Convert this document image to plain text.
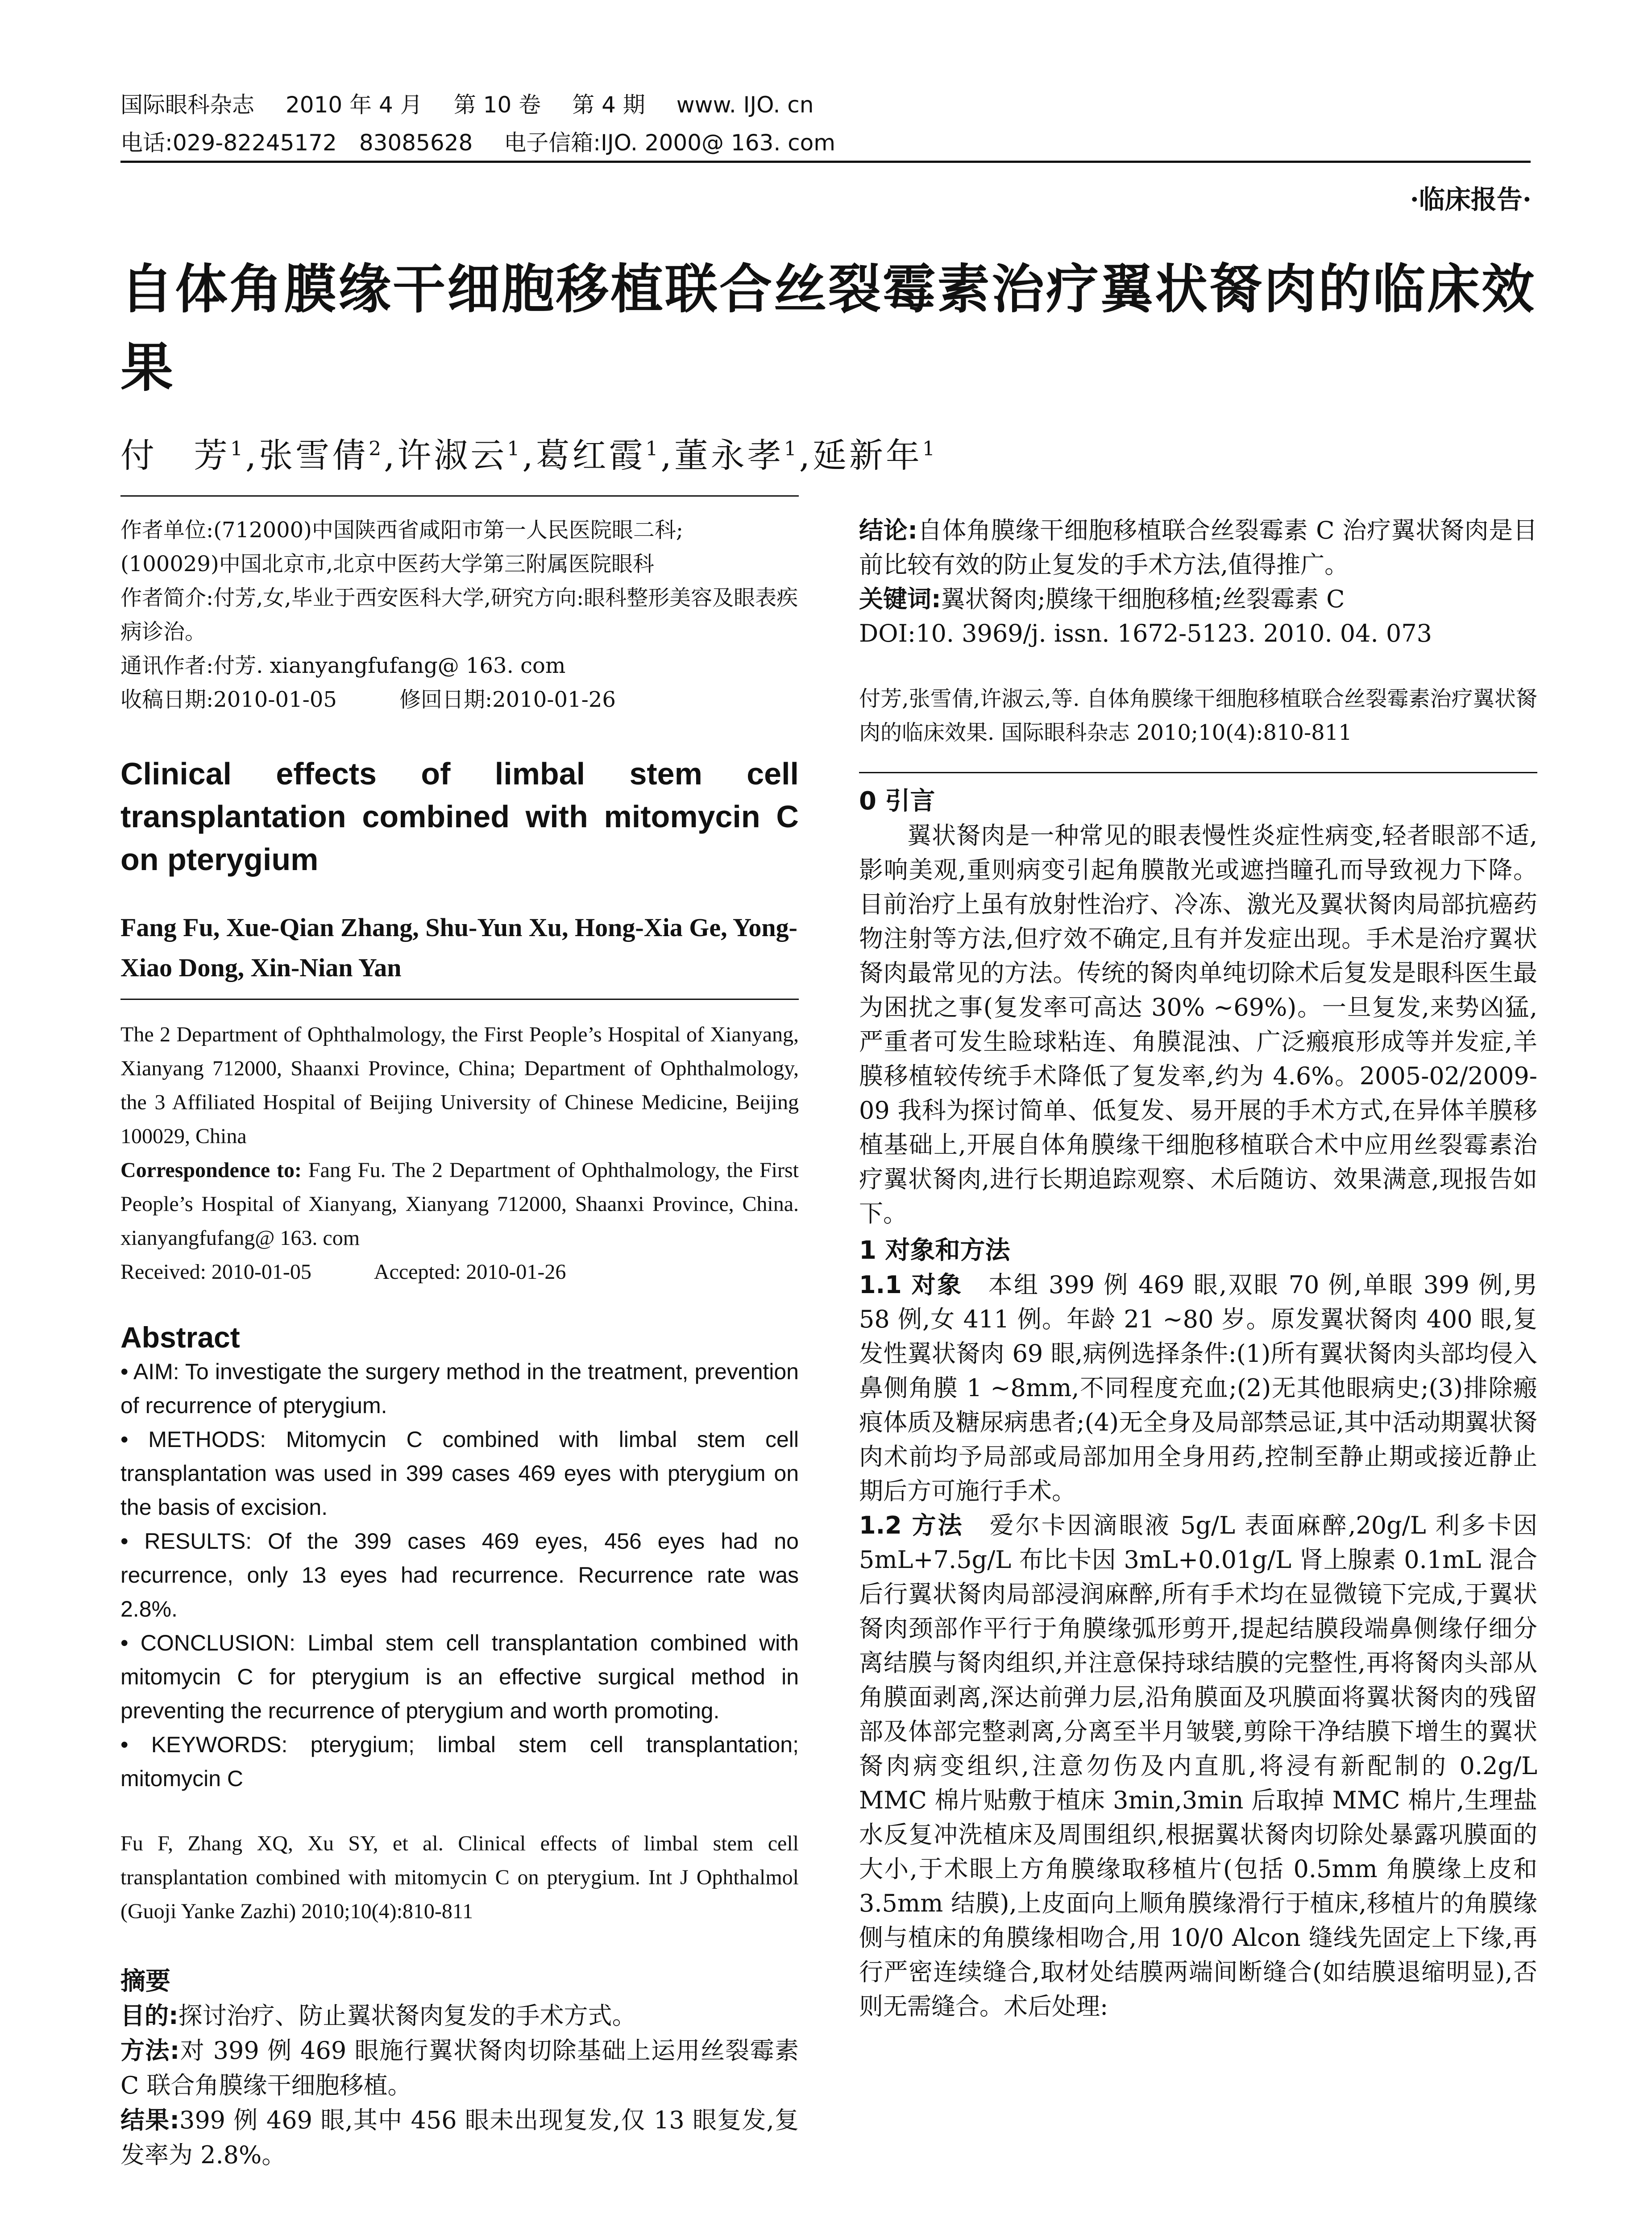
国际眼科杂志 2010 年 4 月 第 10 卷 第 4 期 www. IJO. cn
电话:029-82245172　83085628 电子信箱:IJO. 2000@ 163. com
·临床报告·
自体角膜缘干细胞移植联合丝裂霉素治疗翼状胬肉的临床效果
付　芳$^1$,张雪倩$^2$,许淑云$^1$,葛红霞$^1$,董永孝$^1$,延新年$^1$

作者单位:(712000)中国陕西省咸阳市第一人民医院眼二科;

(100029)中国北京市,北京中医药大学第三附属医院眼科

作者简介:付芳,女,毕业于西安医科大学,研究方向:眼科整形美容及眼表疾病诊治。

通讯作者:付芳. xianyangfufang@ 163. com

收稿日期:2010-01-05	修回日期:2010-01-26

Clinical effects of limbal stem cell transplantation combined with mitomycin C on pterygium
Fang Fu, Xue-Qian Zhang, Shu-Yun Xu, Hong-Xia Ge, Yong-Xiao Dong, Xin-Nian Yan
The 2 Department of Ophthalmology, the First People’s Hospital of Xianyang, Xianyang 712000, Shaanxi Province, China; Department of Ophthalmology, the 3 Affiliated Hospital of Beijing University of Chinese Medicine, Beijing 100029, China

Correspondence to: Fang Fu. The 2 Department of Ophthalmology, the First People’s Hospital of Xianyang, Xianyang 712000, Shaanxi Province, China. xianyangfufang@ 163. com

Received: 2010-01-05	Accepted: 2010-01-26

Abstract

• AIM: To investigate the surgery method in the treatment, prevention of recurrence of pterygium.

• METHODS: Mitomycin C combined with limbal stem cell transplantation was used in 399 cases 469 eyes with pterygium on the basis of excision.

• RESULTS: Of the 399 cases 469 eyes, 456 eyes had no recurrence, only 13 eyes had recurrence. Recurrence rate was 2.8%.

• CONCLUSION: Limbal stem cell transplantation combined with mitomycin C for pterygium is an effective surgical method in preventing the recurrence of pterygium and worth promoting.

• KEYWORDS: pterygium; limbal stem cell transplantation; mitomycin C

Fu F, Zhang XQ, Xu SY, et al. Clinical effects of limbal stem cell transplantation combined with mitomycin C on pterygium. Int J Ophthalmol (Guoji Yanke Zazhi) 2010;10(4):810-811
摘要

目的:探讨治疗、防止翼状胬肉复发的手术方式。

方法:对 399 例 469 眼施行翼状胬肉切除基础上运用丝裂霉素 C 联合角膜缘干细胞移植。

结果:399 例 469 眼,其中 456 眼未出现复发,仅 13 眼复发,复发率为 2.8%。

结论:自体角膜缘干细胞移植联合丝裂霉素 C 治疗翼状胬肉是目前比较有效的防止复发的手术方法,值得推广。

关键词:翼状胬肉;膜缘干细胞移植;丝裂霉素 C

DOI:10. 3969/j. issn. 1672-5123. 2010. 04. 073

付芳,张雪倩,许淑云,等. 自体角膜缘干细胞移植联合丝裂霉素治疗翼状胬肉的临床效果. 国际眼科杂志 2010;10(4):810-811

0 引言

翼状胬肉是一种常见的眼表慢性炎症性病变,轻者眼部不适,影响美观,重则病变引起角膜散光或遮挡瞳孔而导致视力下降。目前治疗上虽有放射性治疗、冷冻、激光及翼状胬肉局部抗癌药物注射等方法,但疗效不确定,且有并发症出现。手术是治疗翼状胬肉最常见的方法。传统的胬肉单纯切除术后复发是眼科医生最为困扰之事(复发率可高达 30% ~69%)。一旦复发,来势凶猛,严重者可发生睑球粘连、角膜混浊、广泛瘢痕形成等并发症,羊膜移植较传统手术降低了复发率,约为 4.6%。2005-02/2009-09 我科为探讨简单、低复发、易开展的手术方式,在异体羊膜移植基础上,开展自体角膜缘干细胞移植联合术中应用丝裂霉素治疗翼状胬肉,进行长期追踪观察、术后随访、效果满意,现报告如下。

1 对象和方法

1.1 对象　 本组 399 例 469 眼,双眼 70 例,单眼 399 例,男 58 例,女 411 例。年龄 21 ~80 岁。原发翼状胬肉 400 眼,复发性翼状胬肉 69 眼,病例选择条件:(1)所有翼状胬肉头部均侵入鼻侧角膜 1 ~8mm,不同程度充血;(2)无其他眼病史;(3)排除瘢痕体质及糖尿病患者;(4)无全身及局部禁忌证,其中活动期翼状胬肉术前均予局部或局部加用全身用药,控制至静止期或接近静止期后方可施行手术。

1.2 方法　 爱尔卡因滴眼液 5g/L 表面麻醉,20g/L 利多卡因 5mL+7.5g/L 布比卡因 3mL+0.01g/L 肾上腺素 0.1mL 混合后行翼状胬肉局部浸润麻醉,所有手术均在显微镜下完成,于翼状胬肉颈部作平行于角膜缘弧形剪开,提起结膜段端鼻侧缘仔细分离结膜与胬肉组织,并注意保持球结膜的完整性,再将胬肉头部从角膜面剥离,深达前弹力层,沿角膜面及巩膜面将翼状胬肉的残留部及体部完整剥离,分离至半月皱襞,剪除干净结膜下增生的翼状胬肉病变组织,注意勿伤及内直肌,将浸有新配制的 0.2g/L MMC 棉片贴敷于植床 3min,3min 后取掉 MMC 棉片,生理盐水反复冲洗植床及周围组织,根据翼状胬肉切除处暴露巩膜面的大小,于术眼上方角膜缘取移植片(包括 0.5mm 角膜缘上皮和 3.5mm 结膜),上皮面向上顺角膜缘滑行于植床,移植片的角膜缘侧与植床的角膜缘相吻合,用 10/0 Alcon 缝线先固定上下缘,再行严密连续缝合,取材处结膜两端间断缝合(如结膜退缩明显),否则无需缝合。术后处理:
